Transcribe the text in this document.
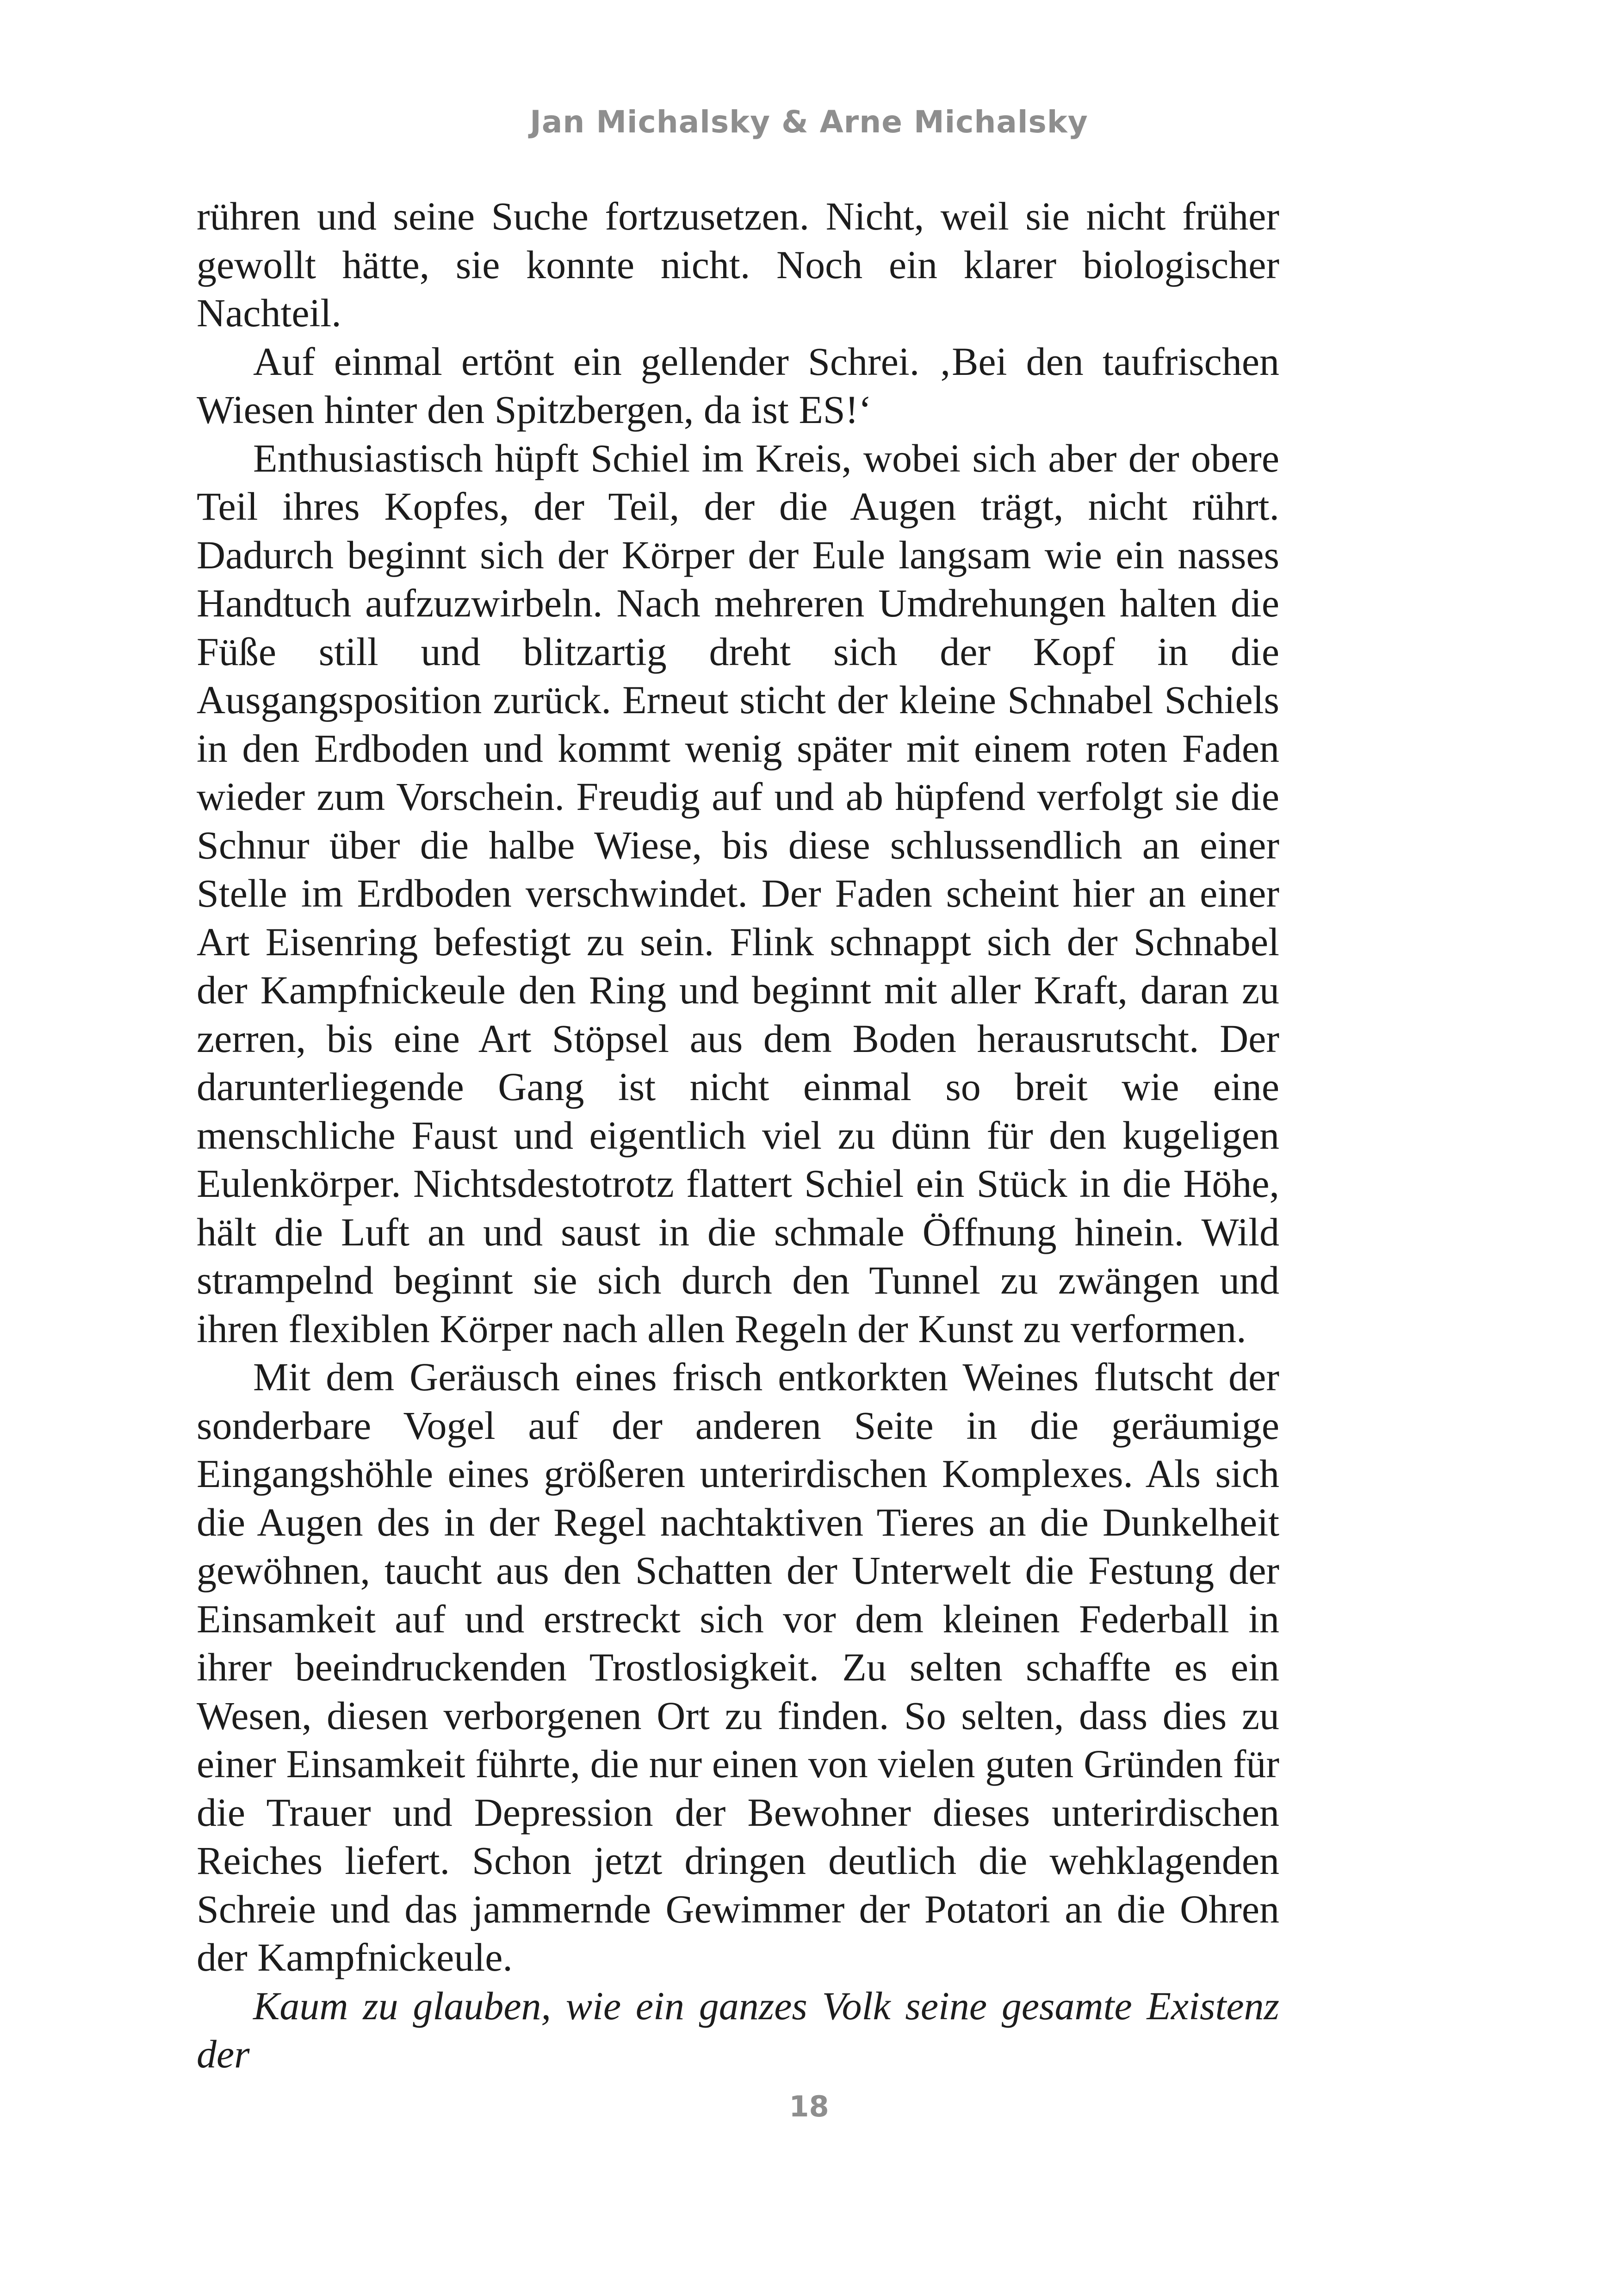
Jan Michalsky & Arne Michalsky

rühren und seine Suche fortzusetzen. Nicht, weil sie nicht früher gewollt hätte, sie konnte nicht. Noch ein klarer biologischer Nachteil.

Auf einmal ertönt ein gellender Schrei. ‚Bei den taufrischen Wiesen hinter den Spitzbergen, da ist ES!‘

Enthusiastisch hüpft Schiel im Kreis, wobei sich aber der obere Teil ihres Kopfes, der Teil, der die Augen trägt, nicht rührt. Dadurch beginnt sich der Körper der Eule langsam wie ein nasses Handtuch aufzuzwirbeln. Nach mehreren Umdrehungen halten die Füße still und blitzartig dreht sich der Kopf in die Ausgangsposition zurück. Erneut sticht der kleine Schnabel Schiels in den Erdboden und kommt wenig später mit einem roten Faden wieder zum Vorschein. Freudig auf und ab hüpfend verfolgt sie die Schnur über die halbe Wiese, bis diese schlussendlich an einer Stelle im Erdboden verschwindet. Der Faden scheint hier an einer Art Eisenring befestigt zu sein. Flink schnappt sich der Schnabel der Kampfnickeule den Ring und beginnt mit aller Kraft, daran zu zerren, bis eine Art Stöpsel aus dem Boden herausrutscht. Der darunterliegende Gang ist nicht einmal so breit wie eine menschliche Faust und eigentlich viel zu dünn für den kugeligen Eulenkörper. Nichtsdestotrotz flattert Schiel ein Stück in die Höhe, hält die Luft an und saust in die schmale Öffnung hinein. Wild strampelnd beginnt sie sich durch den Tunnel zu zwängen und ihren flexiblen Körper nach allen Regeln der Kunst zu verformen.

Mit dem Geräusch eines frisch entkorkten Weines flutscht der sonderbare Vogel auf der anderen Seite in die geräumige Eingangshöhle eines größeren unterirdischen Komplexes. Als sich die Augen des in der Regel nachtaktiven Tieres an die Dunkelheit gewöhnen, taucht aus den Schatten der Unterwelt die Festung der Einsamkeit auf und erstreckt sich vor dem kleinen Federball in ihrer beeindruckenden Trostlosigkeit. Zu selten schaffte es ein Wesen, diesen verborgenen Ort zu finden. So selten, dass dies zu einer Einsamkeit führte, die nur einen von vielen guten Gründen für die Trauer und Depression der Bewohner dieses unterirdischen Reiches liefert. Schon jetzt dringen deutlich die wehklagenden Schreie und das jammernde Gewimmer der Potatori an die Ohren der Kampfnickeule.

Kaum zu glauben, wie ein ganzes Volk seine gesamte Existenz der

18
